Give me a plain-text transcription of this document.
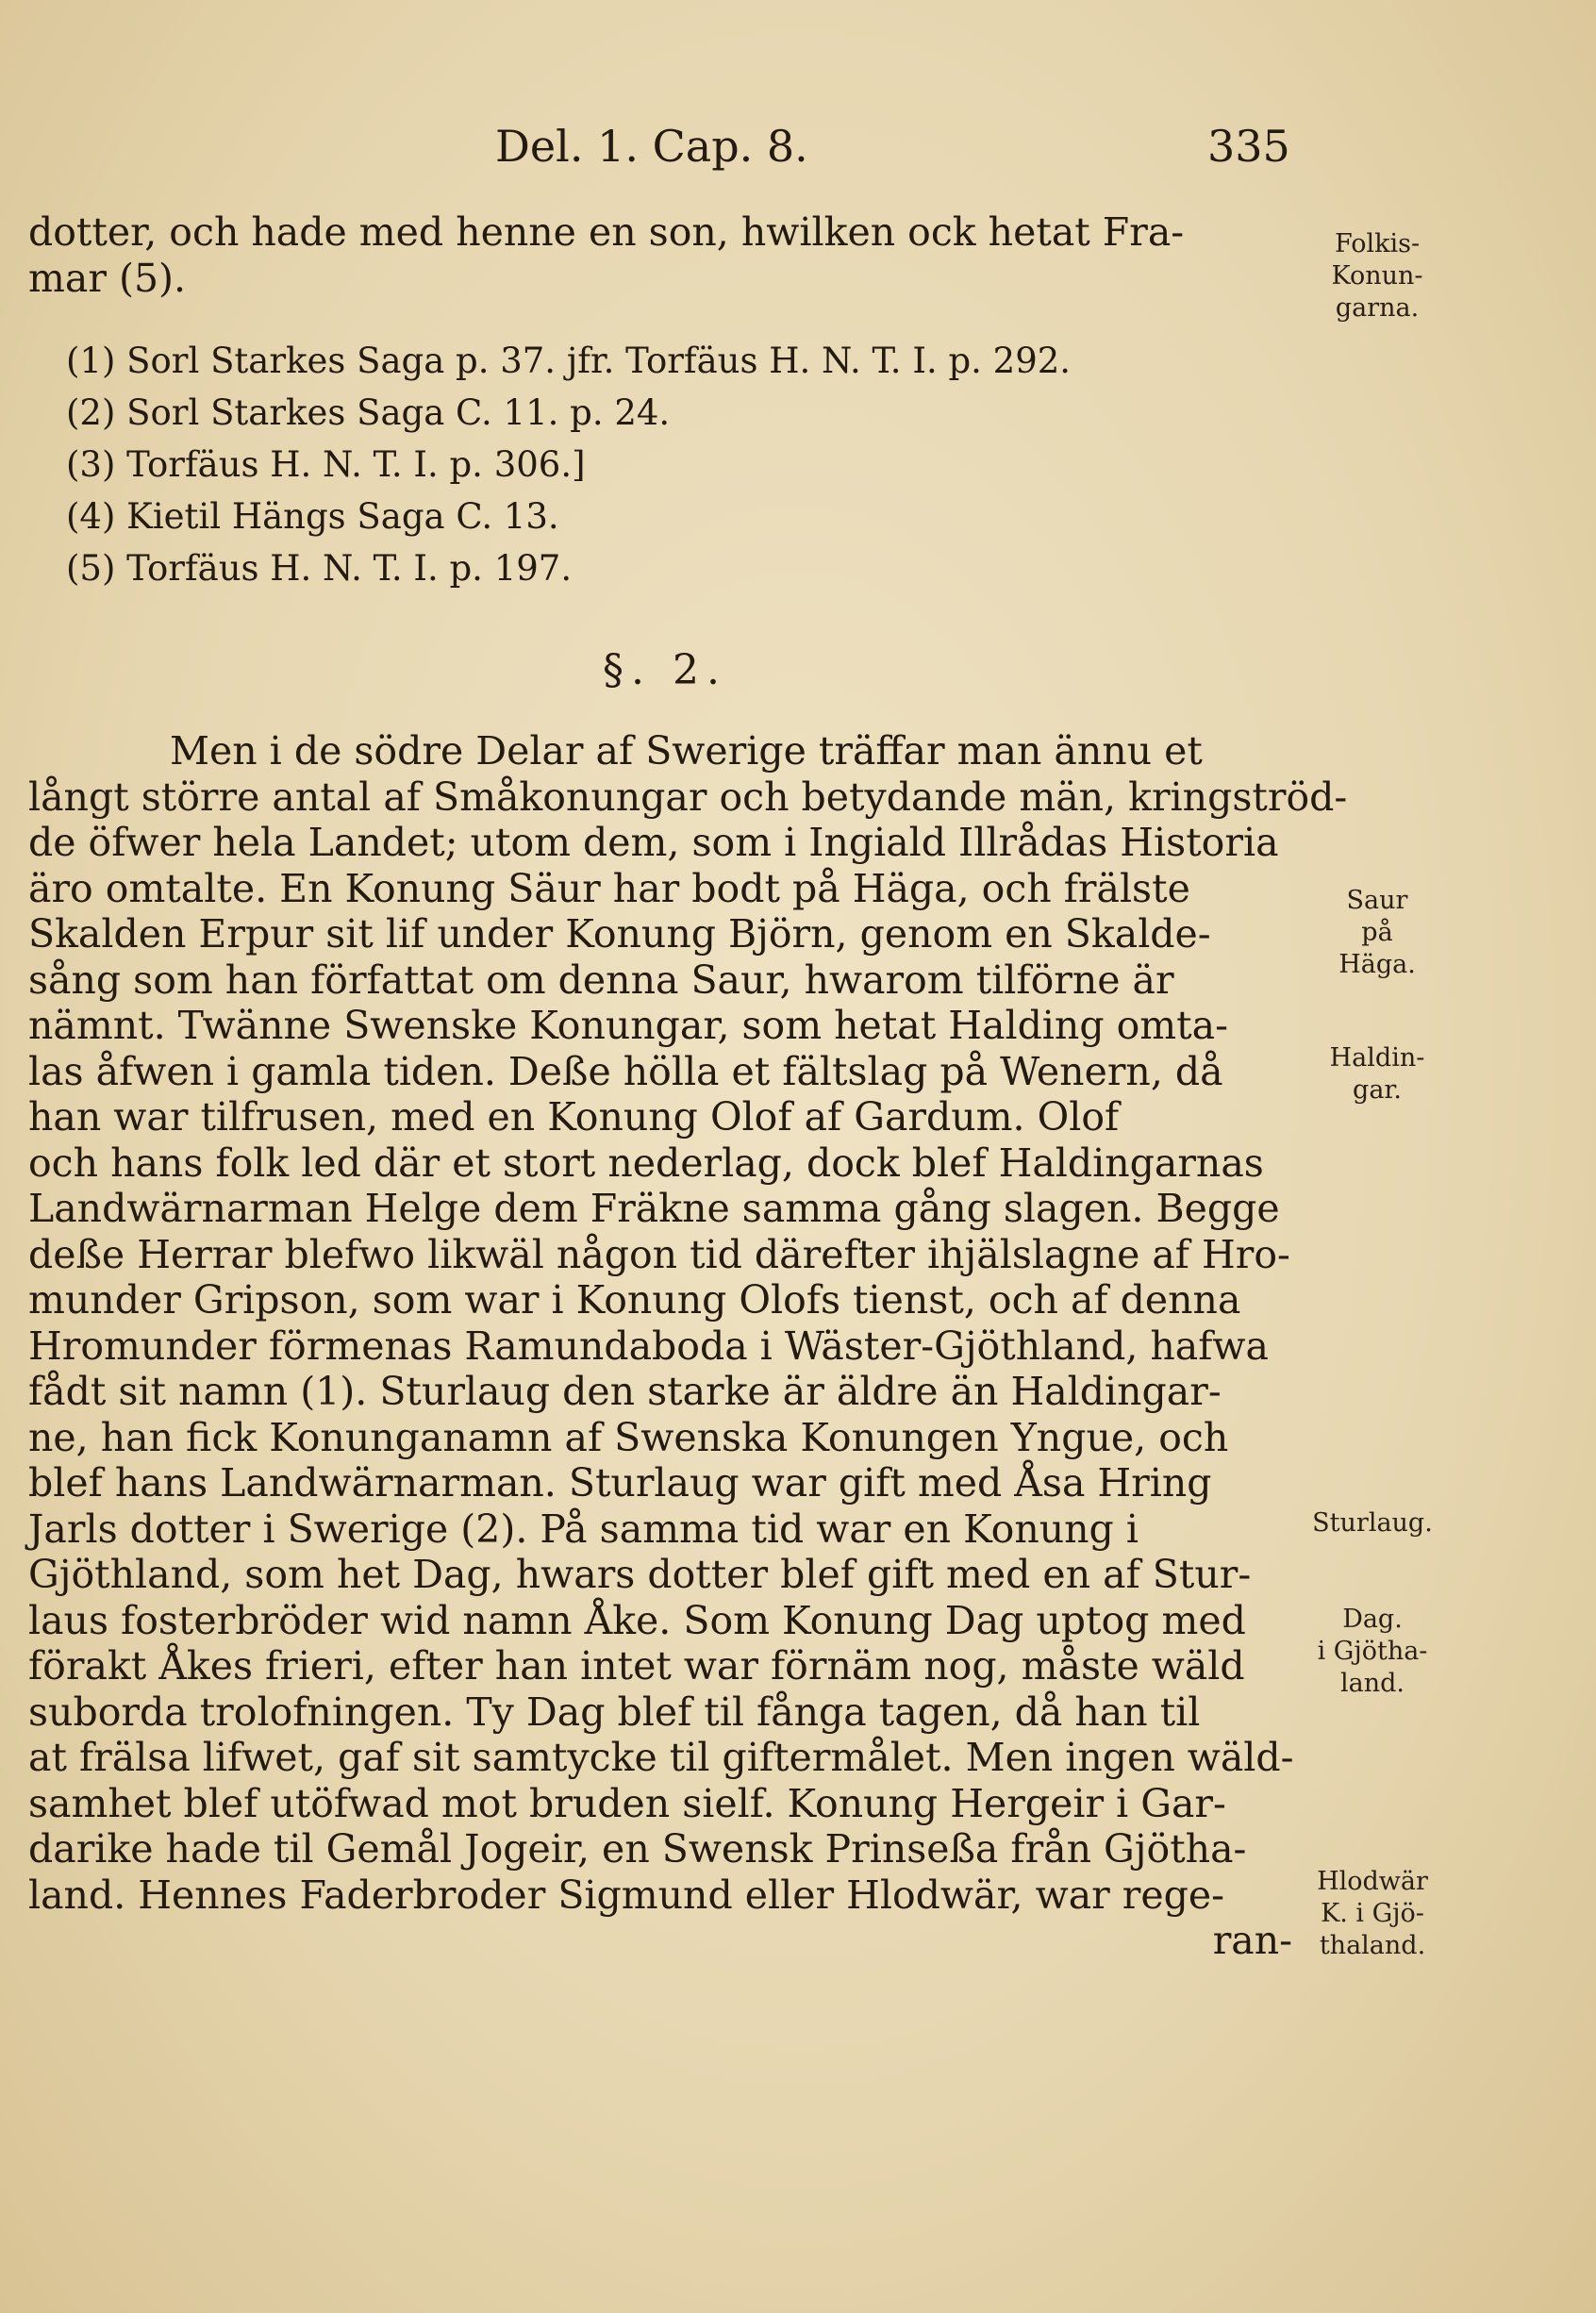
Del. 1. Cap. 8.	335
dotter, och hade med henne en son, hwilken ock hetat Fra-
mar (5).
(1) Sorl Starkes Saga p. 37. jfr. Torfäus H. N. T. I. p. 292.
(2) Sorl Starkes Saga C. 11. p. 24.
(3) Torfäus H. N. T. I. p. 306.]
(4) Kietil Hängs Saga C. 13.
(5) Torfäus H. N. T. I. p. 197.
§. 2.
Men i de södre Delar af Swerige träffar man ännu et
långt större antal af Småkonungar och betydande män, kringströd-
de öfwer hela Landet; utom dem, som i Ingiald Illrådas Historia
äro omtalte. En Konung Säur har bodt på Häga, och frälste
Skalden Erpur sit lif under Konung Björn, genom en Skalde-
sång som han författat om denna Saur, hwarom tilförne är
nämnt. Twänne Swenske Konungar, som hetat Halding omta-
las åfwen i gamla tiden. Deße hölla et fältslag på Wenern, då
han war tilfrusen, med en Konung Olof af Gardum. Olof
och hans folk led där et stort nederlag, dock blef Haldingarnas
Landwärnarman Helge dem Fräkne samma gång slagen. Begge
deße Herrar blefwo likwäl någon tid därefter ihjälslagne af Hro-
munder Gripson, som war i Konung Olofs tienst, och af denna
Hromunder förmenas Ramundaboda i Wäster-Gjöthland, hafwa
fådt sit namn (1). Sturlaug den starke är äldre än Haldingar-
ne, han fick Konunganamn af Swenska Konungen Yngue, och
blef hans Landwärnarman. Sturlaug war gift med Åsa Hring
Jarls dotter i Swerige (2). På samma tid war en Konung i
Gjöthland, som het Dag, hwars dotter blef gift med en af Stur-
laus fosterbröder wid namn Åke. Som Konung Dag uptog med
förakt Åkes frieri, efter han intet war förnäm nog, måste wäld
suborda trolofningen. Ty Dag blef til fånga tagen, då han til
at frälsa lifwet, gaf sit samtycke til giftermålet. Men ingen wäld-
samhet blef utöfwad mot bruden sielf. Konung Hergeir i Gar-
darike hade til Gemål Jogeir, en Swensk Prinseßa från Gjötha-
land. Hennes Faderbroder Sigmund eller Hlodwär, war rege-
ran-
Folkis-
Konun-
garna.
Saur
på
Häga.
Haldin-
gar.
Sturlaug.
Dag.
i Gjötha-
land.
Hlodwär
K. i Gjö-
thaland.
